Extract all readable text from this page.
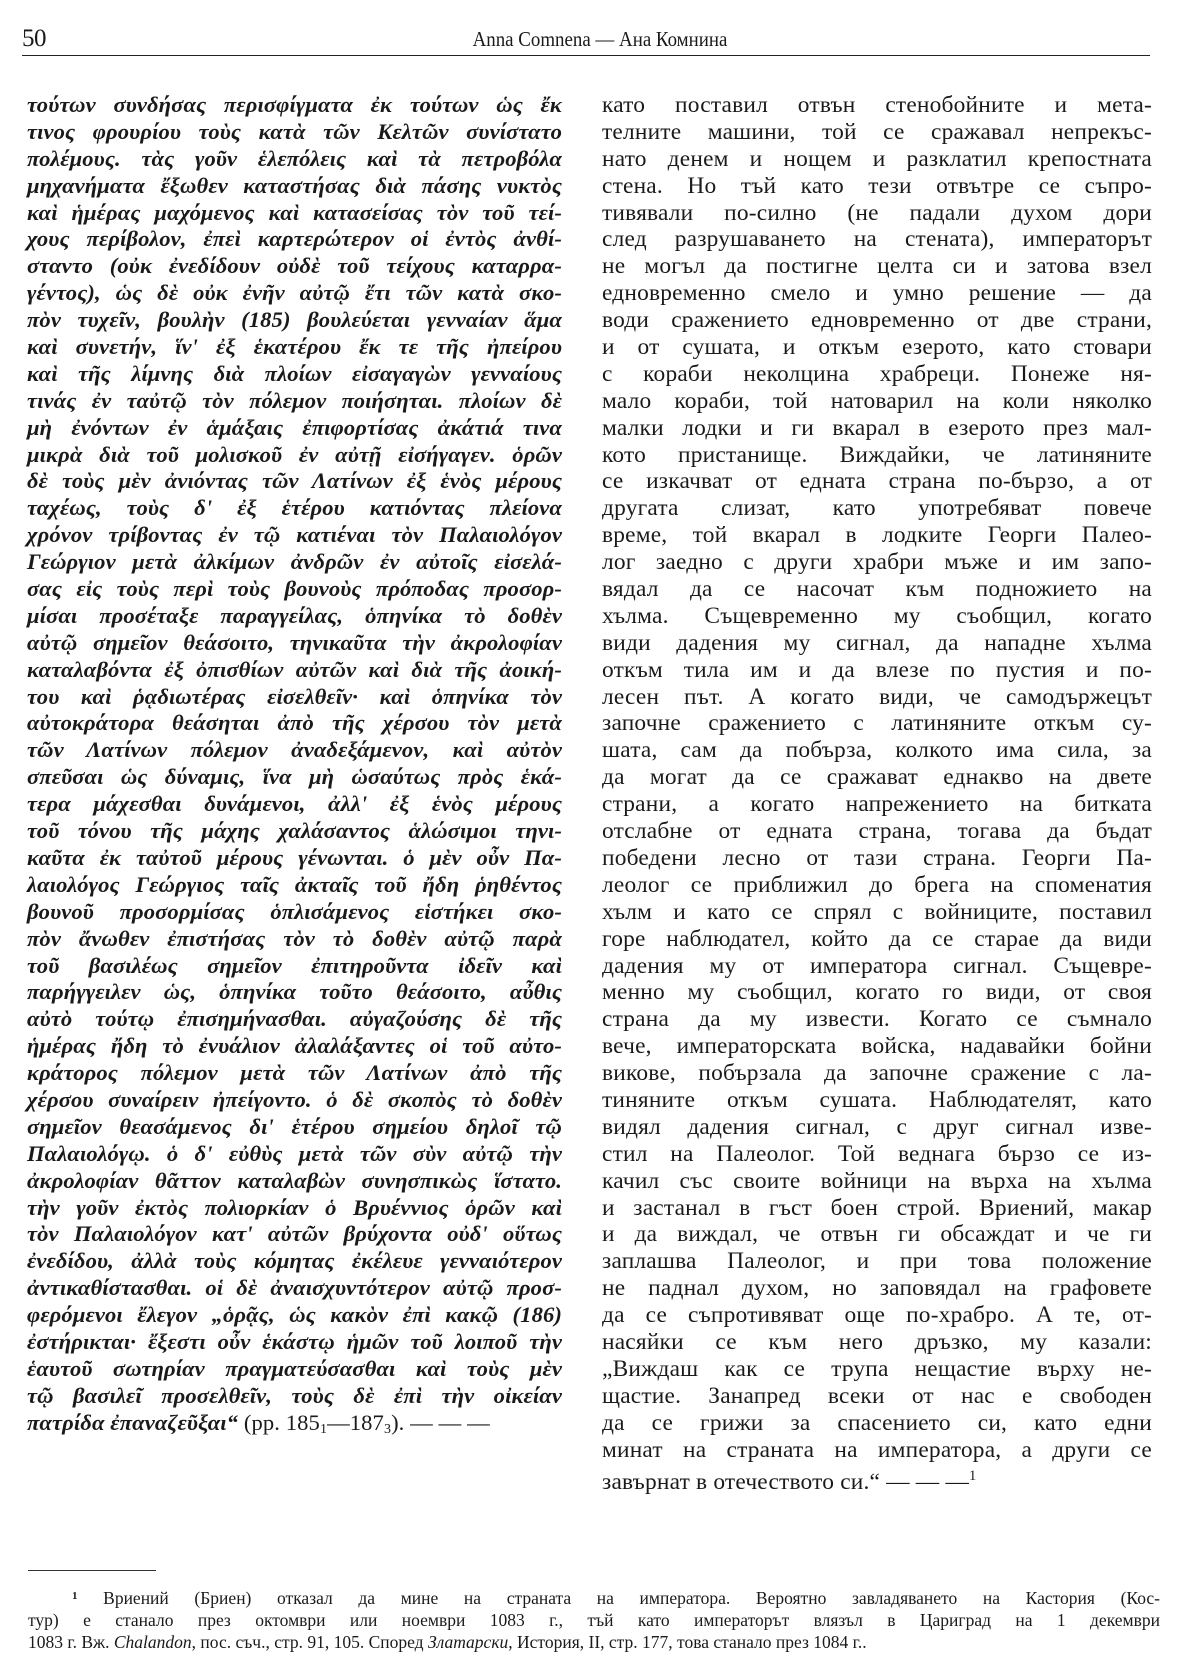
50	Anna Comnena — Ана Комнина
τούτων συνδήσας περισφίγματα ἐκ τούτων ὡς ἔκ
τινος φρουρίου τοὺς κατὰ τῶν Κελτῶν συνίστατο
πολέμους. τὰς γοῦν ἑλεπόλεις καὶ τὰ πετροβόλα
μηχανήματα ἔξωθεν καταστήσας διὰ πάσης νυκτὸς
καὶ ἡμέρας μαχόμενος καὶ κατασείσας τὸν τοῦ τεί-
χους περίβολον, ἐπεὶ καρτερώτερον οἱ ἐντὸς ἀνθί-
σταντο (οὐκ ἐνεδίδουν οὐδὲ τοῦ τείχους καταρρα-
γέντος), ὡς δὲ οὐκ ἐνῆν αὐτῷ ἔτι τῶν κατὰ σκο-
πὸν τυχεῖν, βουλὴν (185) βουλεύεται γενναίαν ἅμα
καὶ συνετήν, ἵν' ἐξ ἑκατέρου ἔκ τε τῆς ἠπείρου
καὶ τῆς λίμνης διὰ πλοίων εἰσαγαγὼν γενναίους
τινάς ἐν ταὐτῷ τὸν πόλεμον ποιήσηται. πλοίων δὲ
μὴ ἐνόντων ἐν ἁμάξαις ἐπιφορτίσας ἀκάτιά τινα
μικρὰ διὰ τοῦ μολισκοῦ ἐν αὐτῇ εἰσήγαγεν. ὁρῶν
δὲ τοὺς μὲν ἀνιόντας τῶν Λατίνων ἐξ ἑνὸς μέρους
ταχέως, τοὺς δ' ἐξ ἑτέρου κατιόντας πλείονα
χρόνον τρίβοντας ἐν τῷ κατιέναι τὸν Παλαιολόγον
Γεώργιον μετὰ ἀλκίμων ἀνδρῶν ἐν αὐτοῖς εἰσελά-
σας εἰς τοὺς περὶ τοὺς βουνοὺς πρόποδας προσορ-
μίσαι προσέταξε παραγγείλας, ὁπηνίκα τὸ δοθὲν
αὐτῷ σημεῖον θεάσοιτο, τηνικαῦτα τὴν ἀκρολοφίαν
καταλαβόντα ἐξ ὀπισθίων αὐτῶν καὶ διὰ τῆς ἀοική-
του καὶ ῥᾳδιωτέρας εἰσελθεῖν· καὶ ὁπηνίκα τὸν
αὐτοκράτορα θεάσηται ἀπὸ τῆς χέρσου τὸν μετὰ
τῶν Λατίνων πόλεμον ἀναδεξάμενον, καὶ αὐτὸν
σπεῦσαι ὡς δύναμις, ἵνα μὴ ὡσαύτως πρὸς ἑκά-
τερα μάχεσθαι δυνάμενοι, ἀλλ' ἐξ ἑνὸς μέρους
τοῦ τόνου τῆς μάχης χαλάσαντος ἁλώσιμοι τηνι-
καῦτα ἐκ ταὐτοῦ μέρους γένωνται. ὁ μὲν οὖν Πα-
λαιολόγος Γεώργιος ταῖς ἀκταῖς τοῦ ἤδη ῥηθέντος
βουνοῦ προσορμίσας ὁπλισάμενος εἱστήκει σκο-
πὸν ἄνωθεν ἐπιστήσας τὸν τὸ δοθὲν αὐτῷ παρὰ
τοῦ βασιλέως σημεῖον ἐπιτηροῦντα ἰδεῖν καὶ
παρήγγειλεν ὡς, ὁπηνίκα τοῦτο θεάσοιτο, αὖθις
αὐτὸ τούτῳ ἐπισημήνασθαι. αὐγαζούσης δὲ τῆς
ἡμέρας ἤδη τὸ ἐνυάλιον ἀλαλάξαντες οἱ τοῦ αὐτο-
κράτορος πόλεμον μετὰ τῶν Λατίνων ἀπὸ τῆς
χέρσου συναίρειν ἠπείγοντο. ὁ δὲ σκοπὸς τὸ δοθὲν
σημεῖον θεασάμενος δι' ἑτέρου σημείου δηλοῖ τῷ
Παλαιολόγῳ. ὁ δ' εὐθὺς μετὰ τῶν σὺν αὐτῷ τὴν
ἀκρολοφίαν θᾶττον καταλαβὼν συνησπικὼς ἵστατο.
τὴν γοῦν ἐκτὸς πολιορκίαν ὁ Βρυέννιος ὁρῶν καὶ
τὸν Παλαιολόγον κατ' αὐτῶν βρύχοντα οὐδ' οὕτως
ἐνεδίδου, ἀλλὰ τοὺς κόμητας ἐκέλευε γενναιότερον
ἀντικαθίστασθαι. οἱ δὲ ἀναισχυντότερον αὐτῷ προσ-
φερόμενοι ἔλεγον „ὁρᾷς, ὡς κακὸν ἐπὶ κακῷ (186)
ἐστήρικται· ἔξεστι οὖν ἑκάστῳ ἡμῶν τοῦ λοιποῦ τὴν
ἑαυτοῦ σωτηρίαν πραγματεύσασθαι καὶ τοὺς μὲν
τῷ βασιλεῖ προσελθεῖν, τοὺς δὲ ἐπὶ τὴν οἰκείαν
πατρίδα ἐπαναζεῦξαι“ (pp. $185_1—187_3$). — — —
като поставил отвън стенобойните и мета-
телните машини, той се сражавал непрекъс-
нато денем и нощем и разклатил крепостната
стена. Но тъй като тези отвътре се съпро-
тивявали по-силно (не падали духом дори
след разрушаването на стената), императорът
не могъл да постигне целта си и затова взел
едновременно смело и умно решение — да
води сражението едновременно от две страни,
и от сушата, и откъм езерото, като стовари
с кораби неколцина храбреци. Понеже ня-
мало кораби, той натоварил на коли няколко
малки лодки и ги вкарал в езерото през мал-
кото пристанище. Виждайки, че латиняните
се изкачват от едната страна по-бързо, а от
другата слизат, като употребяват повече
време, той вкарал в лодките Георги Палео-
лог заедно с други храбри мъже и им запо-
вядал да се насочат към подножието на
хълма. Същевременно му съобщил, когато
види дадения му сигнал, да нападне хълма
откъм тила им и да влезе по пустия и по-
лесен път. А когато види, че самодържецът
започне сражението с латиняните откъм су-
шата, сам да побърза, колкото има сила, за
да могат да се сражават еднакво на двете
страни, а когато напрежението на битката
отслабне от едната страна, тогава да бъдат
победени лесно от тази страна. Георги Па-
леолог се приближил до брега на споменатия
хълм и като се спрял с войниците, поставил
горе наблюдател, който да се старае да види
дадения му от императора сигнал. Същевре-
менно му съобщил, когато го види, от своя
страна да му извести. Когато се съмнало
вече, императорската войска, надавайки бойни
викове, побързала да започне сражение с ла-
тиняните откъм сушата. Наблюдателят, като
видял дадения сигнал, с друг сигнал изве-
стил на Палеолог. Той веднага бързо се из-
качил със своите войници на върха на хълма
и застанал в гъст боен строй. Вриений, макар
и да виждал, че отвън ги обсаждат и че ги
заплашва Палеолог, и при това положение
не паднал духом, но заповядал на графовете
да се съпротивяват още по-храбро. А те, от-
насяйки се към него дръзко, му казали:
„Виждаш как се трупа нещастие върху не-
щастие. Занапред всеки от нас е свободен
да се грижи за спасението си, като едни
минат на страната на императора, а други се
завърнат в отечеството си.“ — — —$^1$
$^1$ Вриений (Бриен) отказал да мине на страната на императора. Вероятно завладяването на Кастория (Кос-
тур) е станало през октомври или ноември 1083 г., тъй като императорът влязъл в Цариград на 1 декември
1083 г. Вж. Chalandon, пос. съч., стр. 91, 105. Според Златарски, История, II, стр. 177, това станало през 1084 г..
